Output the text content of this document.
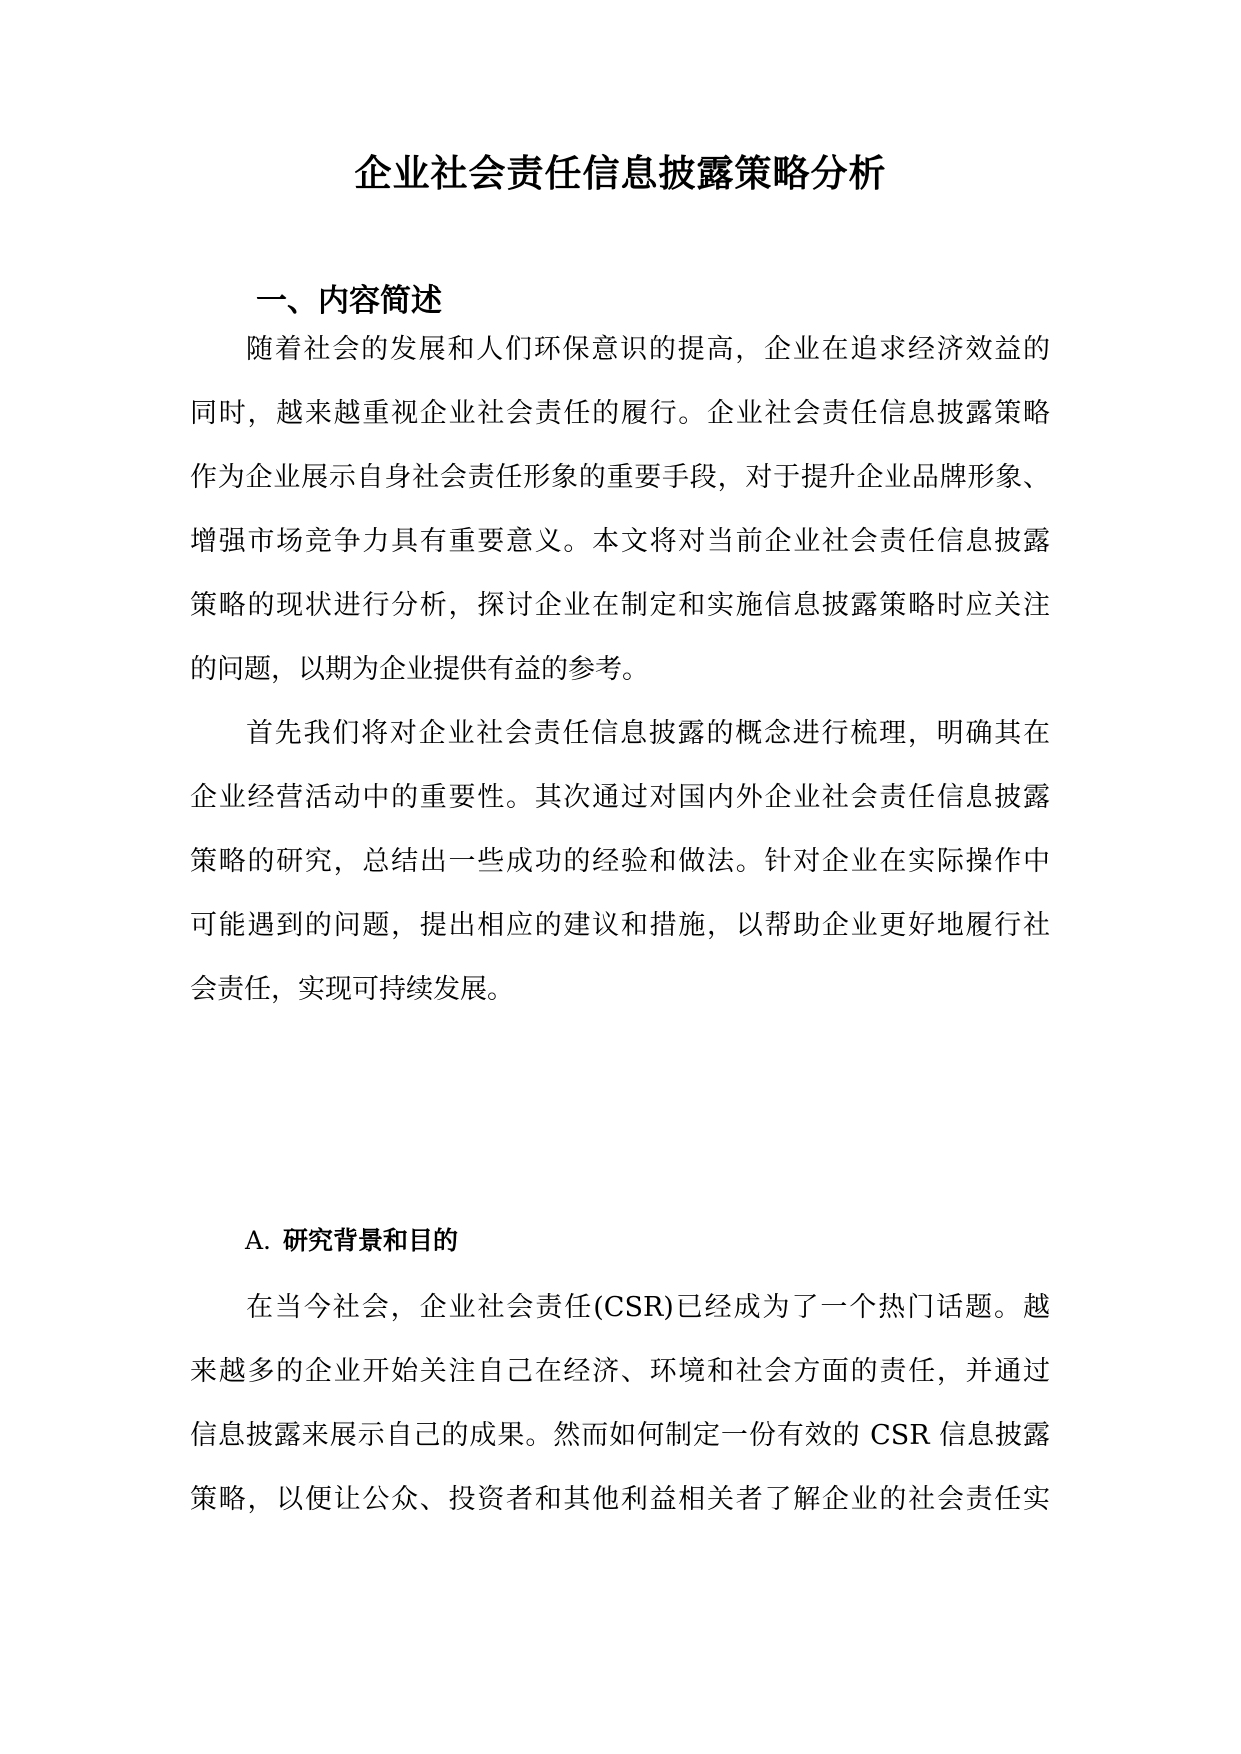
企业社会责任信息披露策略分析
一、内容简述
随着社会的发展和人们环保意识的提高，企业在追求经济效益的
同时，越来越重视企业社会责任的履行。企业社会责任信息披露策略
作为企业展示自身社会责任形象的重要手段，对于提升企业品牌形象、
增强市场竞争力具有重要意义。本文将对当前企业社会责任信息披露
策略的现状进行分析，探讨企业在制定和实施信息披露策略时应关注
的问题，以期为企业提供有益的参考。
首先我们将对企业社会责任信息披露的概念进行梳理，明确其在
企业经营活动中的重要性。其次通过对国内外企业社会责任信息披露
策略的研究，总结出一些成功的经验和做法。针对企业在实际操作中
可能遇到的问题，提出相应的建议和措施，以帮助企业更好地履行社
会责任，实现可持续发展。
A. 研究背景和目的
在当今社会，企业社会责任(CSR)已经成为了一个热门话题。越
来越多的企业开始关注自己在经济、环境和社会方面的责任，并通过
信息披露来展示自己的成果。然而如何制定一份有效的 CSR 信息披露
策略，以便让公众、投资者和其他利益相关者了解企业的社会责任实
